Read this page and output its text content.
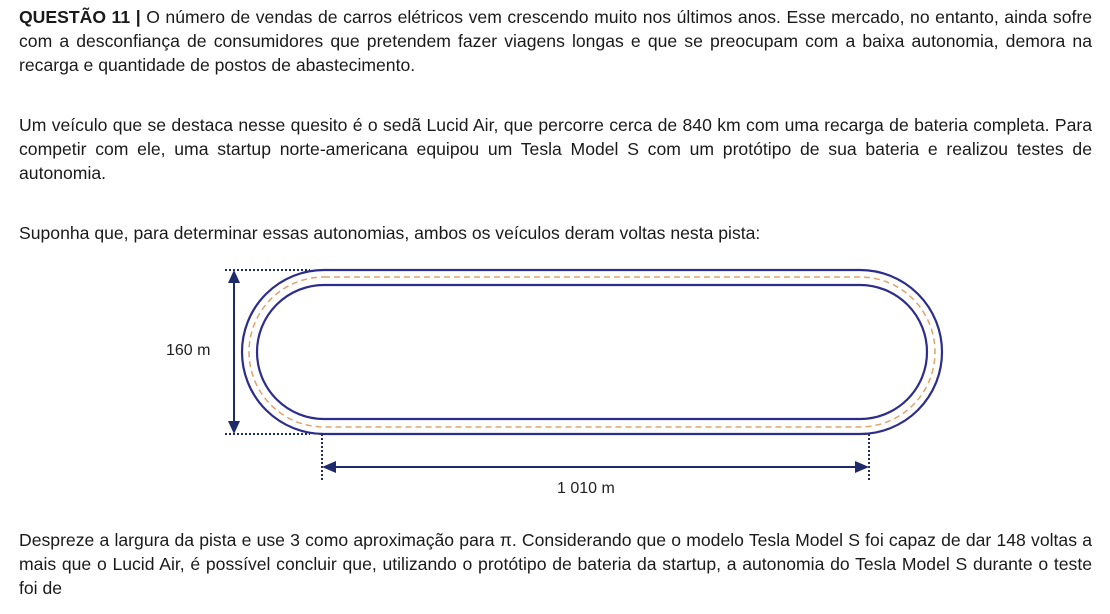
QUESTÃO 11 | O número de vendas de carros elétricos vem crescendo muito nos últimos anos. Esse mercado, no entanto, ainda sofre com a desconfiança de consumidores que pretendem fazer viagens longas e que se preocupam com a baixa autonomia, demora na recarga e quantidade de postos de abastecimento.

Um veículo que se destaca nesse quesito é o sedã Lucid Air, que percorre cerca de 840 km com uma recarga de bateria completa. Para competir com ele, uma startup norte-americana equipou um Tesla Model S com um protótipo de sua bateria e realizou testes de autonomia.

Suponha que, para determinar essas autonomias, ambos os veículos deram voltas nesta pista:

160 m
1 010 m

Despreze a largura da pista e use 3 como aproximação para π. Considerando que o modelo Tesla Model S foi capaz de dar 148 voltas a mais que o Lucid Air, é possível concluir que, utilizando o protótipo de bateria da startup, a autonomia do Tesla Model S durante o teste foi de
